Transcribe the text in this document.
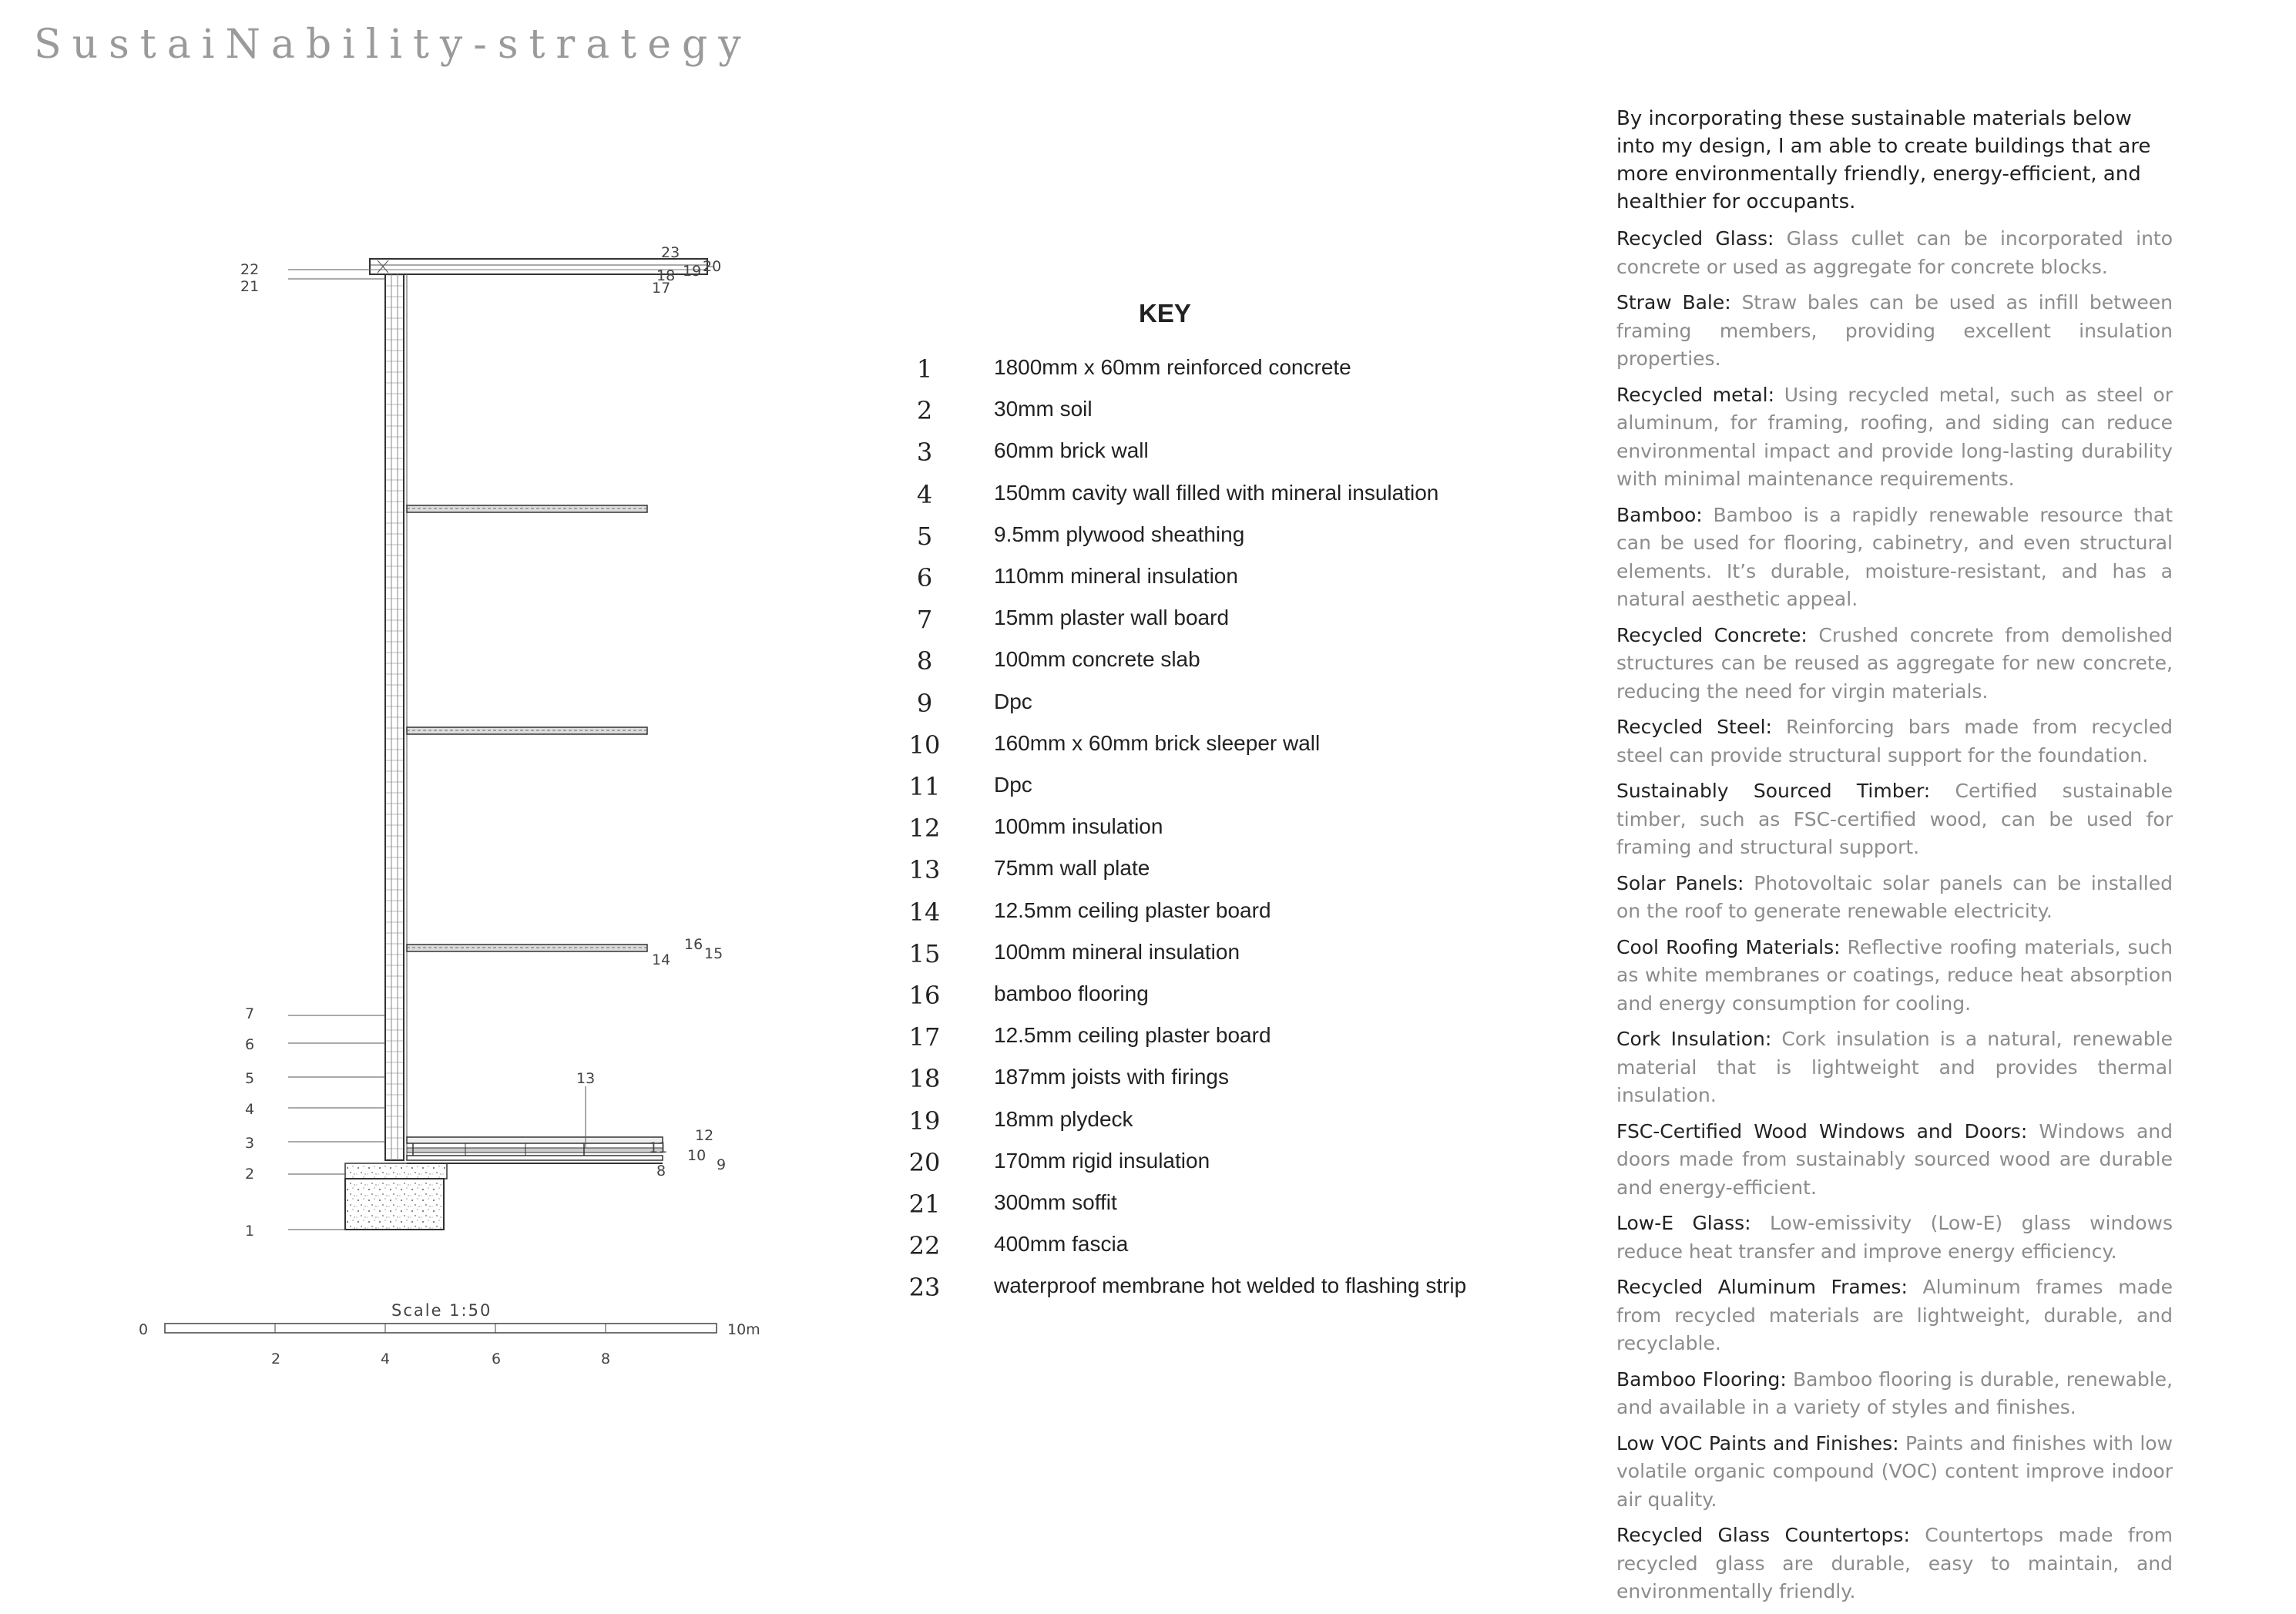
SustaiNability-strategy
22
21
7
6
5
4
3
2
1
23
20
19
18
17
16
15
14
13
12
11 10
9
8
Scale 1:50
0
2	4	6	8
10m
KEY
1	1800mm x 60mm reinforced concrete
2	30mm soil
3	60mm brick wall
4	150mm cavity wall filled with mineral insulation
5	9.5mm plywood sheathing
6	110mm mineral insulation
7	15mm plaster wall board
8	100mm concrete slab
9	Dpc
10	160mm x 60mm brick sleeper wall
11	Dpc
12	100mm insulation
13	75mm wall plate
14	12.5mm ceiling plaster board
15	100mm mineral insulation
16	bamboo flooring
17	12.5mm ceiling plaster board
18	187mm joists with firings
19	18mm plydeck
20	170mm rigid insulation
21	300mm soffit
22	400mm fascia
23	waterproof membrane hot welded to flashing strip
By incorporating these sustainable materials below into my design, I am able to create buildings that are more environmentally friendly, energy-efficient, and healthier for occupants.
Recycled Glass: Glass cullet can be incorporated into concrete or used as aggregate for concrete blocks.
Straw Bale: Straw bales can be used as infill between framing members, providing excellent insulation properties.
Recycled metal: Using recycled metal, such as steel or aluminum, for framing, roofing, and siding can reduce environmental impact and provide long-lasting durability with minimal maintenance requirements.
Bamboo: Bamboo is a rapidly renewable resource that can be used for flooring, cabinetry, and even structural elements. It’s durable, moisture-resistant, and has a natural aesthetic appeal.
Recycled Concrete: Crushed concrete from demolished structures can be reused as aggregate for new concrete, reducing the need for virgin materials.
Recycled Steel: Reinforcing bars made from recycled steel can provide structural support for the foundation.
Sustainably Sourced Timber: Certified sustainable timber, such as FSC-certified wood, can be used for framing and structural support.
Solar Panels: Photovoltaic solar panels can be installed on the roof to generate renewable electricity.
Cool Roofing Materials: Reflective roofing materials, such as white membranes or coatings, reduce heat absorption and energy consumption for cooling.
Cork Insulation: Cork insulation is a natural, renewable material that is lightweight and provides thermal insulation.
FSC-Certified Wood Windows and Doors: Windows and doors made from sustainably sourced wood are durable and energy-efficient.
Low-E Glass: Low-emissivity (Low-E) glass windows reduce heat transfer and improve energy efficiency.
Recycled Aluminum Frames: Aluminum frames made from recycled materials are lightweight, durable, and recyclable.
Bamboo Flooring: Bamboo flooring is durable, renewable, and available in a variety of styles and finishes.
Low VOC Paints and Finishes: Paints and finishes with low volatile organic compound (VOC) content improve indoor air quality.
Recycled Glass Countertops: Countertops made from recycled glass are durable, easy to maintain, and environmentally friendly.
